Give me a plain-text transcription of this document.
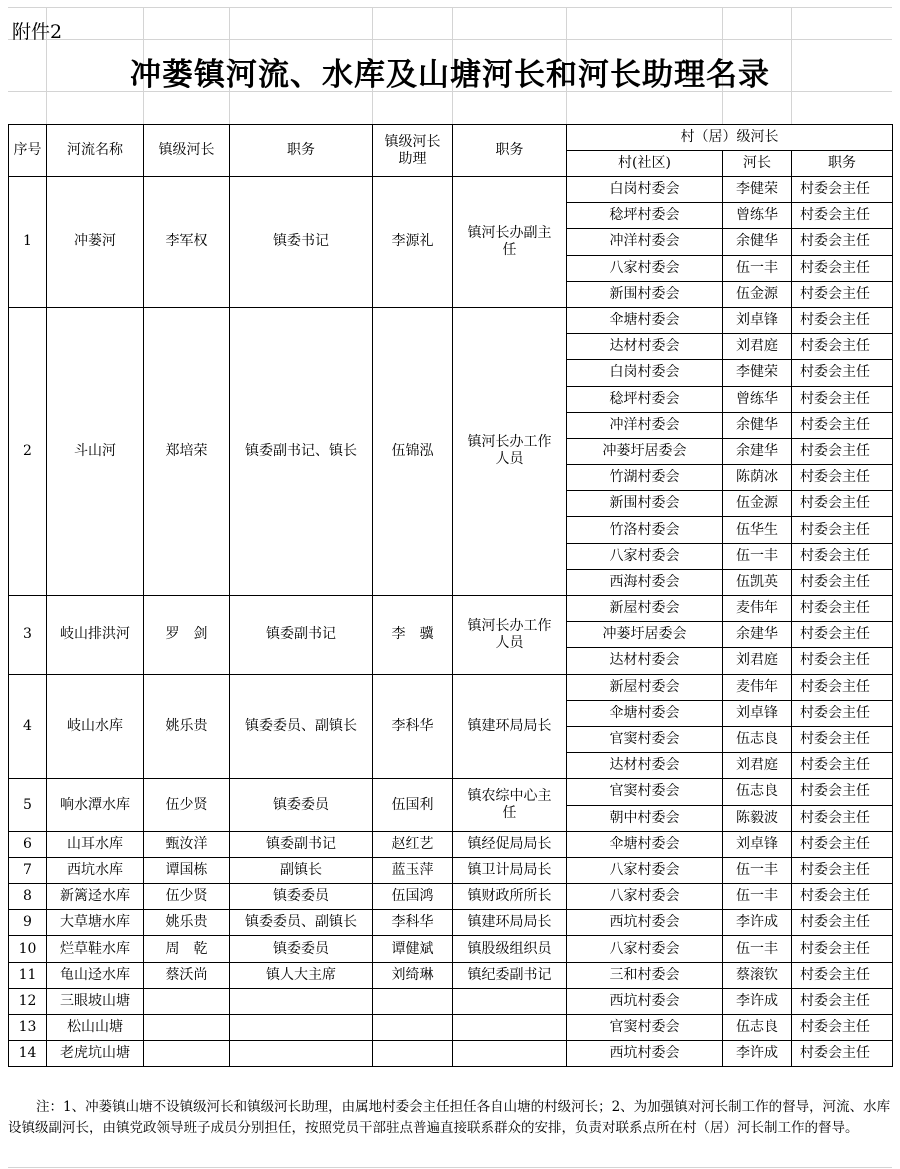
附件2
冲蒌镇河流、水库及山塘河长和河长助理名录
序号	河流名称	镇级河长	职务	镇级河长助理	职务	村（居）级河长		
						村(社区)	河长	职务
1	冲蒌河	李军权	镇委书记	李源礼	镇河长办副主任	白岗村委会	李健荣	村委会主任
						稔坪村委会	曾练华	村委会主任
						冲洋村委会	余健华	村委会主任
						八家村委会	伍一丰	村委会主任
						新围村委会	伍金源	村委会主任
2	斗山河	郑培荣	镇委副书记、镇长	伍锦泓	镇河长办工作人员	伞塘村委会	刘卓锋	村委会主任
						达材村委会	刘君庭	村委会主任
						白岗村委会	李健荣	村委会主任
						稔坪村委会	曾练华	村委会主任
						冲洋村委会	余健华	村委会主任
						冲蒌圩居委会	余建华	村委会主任
						竹湖村委会	陈荫冰	村委会主任
						新围村委会	伍金源	村委会主任
						竹洛村委会	伍华生	村委会主任
						八家村委会	伍一丰	村委会主任
						西海村委会	伍凯英	村委会主任
3	岐山排洪河	罗　剑	镇委副书记	李　骥	镇河长办工作人员	新屋村委会	麦伟年	村委会主任
						冲蒌圩居委会	余建华	村委会主任
						达材村委会	刘君庭	村委会主任
4	岐山水库	姚乐贵	镇委委员、副镇长	李科华	镇建环局局长	新屋村委会	麦伟年	村委会主任
						伞塘村委会	刘卓锋	村委会主任
						官窦村委会	伍志良	村委会主任
						达材村委会	刘君庭	村委会主任
5	响水潭水库	伍少贤	镇委委员	伍国利	镇农综中心主任	官窦村委会	伍志良	村委会主任
						朝中村委会	陈毅波	村委会主任
6	山耳水库	甄汝洋	镇委副书记	赵红艺	镇经促局局长	伞塘村委会	刘卓锋	村委会主任
7	西坑水库	谭国栋	副镇长	蓝玉萍	镇卫计局局长	八家村委会	伍一丰	村委会主任
8	新篱迳水库	伍少贤	镇委委员	伍国鸿	镇财政所所长	八家村委会	伍一丰	村委会主任
9	大草塘水库	姚乐贵	镇委委员、副镇长	李科华	镇建环局局长	西坑村委会	李许成	村委会主任
10	烂草鞋水库	周　乾	镇委委员	谭健斌	镇股级组织员	八家村委会	伍一丰	村委会主任
11	龟山迳水库	蔡沃尚	镇人大主席	刘绮琳	镇纪委副书记	三和村委会	蔡滚钦	村委会主任
12	三眼坡山塘					西坑村委会	李许成	村委会主任
13	松山山塘					官窦村委会	伍志良	村委会主任
14	老虎坑山塘					西坑村委会	李许成	村委会主任
注：1、冲蒌镇山塘不设镇级河长和镇级河长助理，由属地村委会主任担任各自山塘的村级河长；2、为加强镇对河长制工作的督导，河流、水库设镇级副河长，由镇党政领导班子成员分别担任，按照党员干部驻点普遍直接联系群众的安排，负责对联系点所在村（居）河长制工作的督导。
